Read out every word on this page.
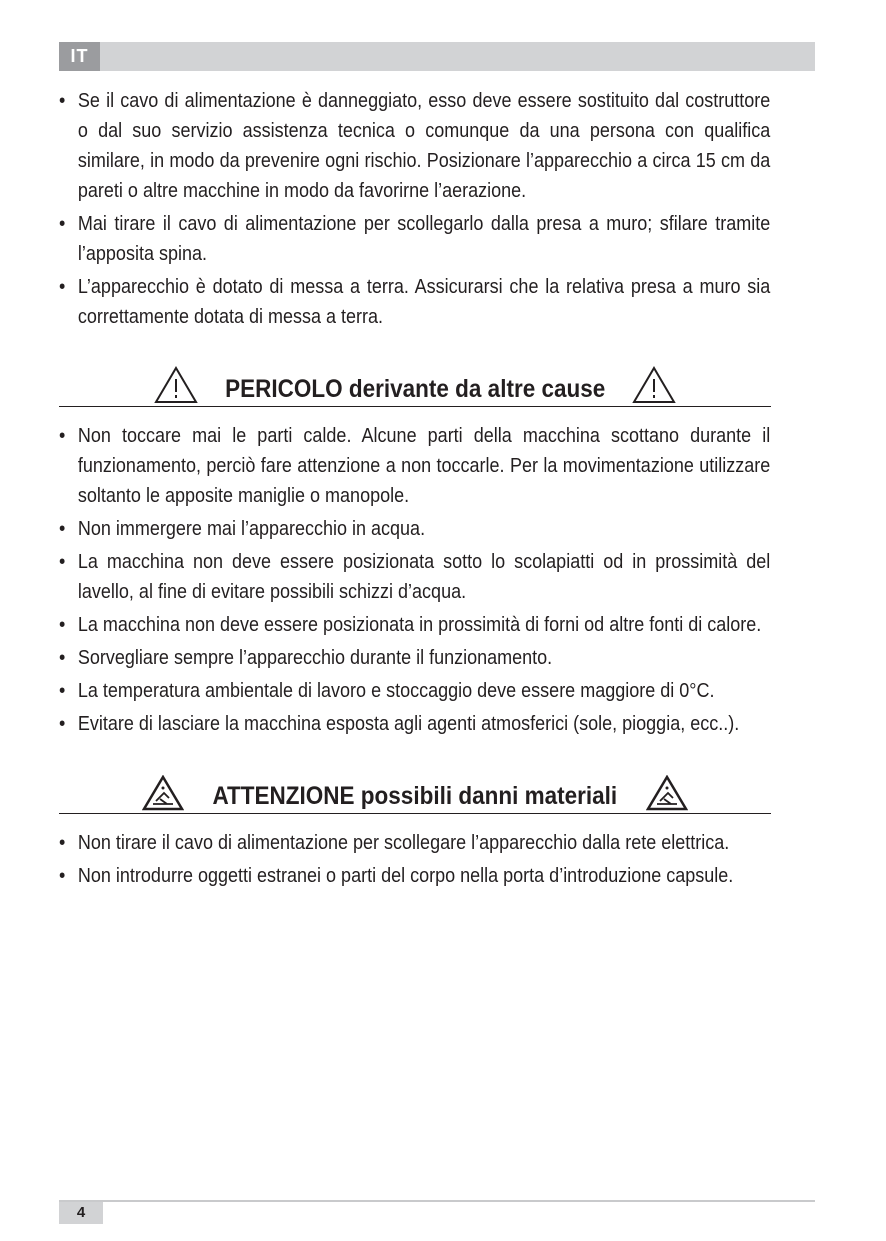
IT
• Se il cavo di alimentazione è danneggiato, esso deve essere sostituito dal costruttore o dal suo servizio assistenza tecnica o comunque da una persona con qualifica similare, in modo da prevenire ogni rischio. Posizionare l’apparecchio a circa 15 cm da pareti o altre macchine in modo da favorirne l’aerazione.
• Mai tirare il cavo di alimentazione per scollegarlo dalla presa a muro; sfilare tramite l’apposita spina.
• L’apparecchio è dotato di messa a terra. Assicurarsi che la relativa presa a muro sia correttamente dotata di messa a terra.
PERICOLO derivante da altre cause
• Non toccare mai le parti calde. Alcune parti della macchina scottano durante il funzionamento, perciò fare attenzione a non toccarle. Per la movimentazione utilizzare soltanto le apposite maniglie o manopole.
• Non immergere mai l’apparecchio in acqua.
• La macchina non deve essere posizionata sotto lo scolapiatti od in prossimità del lavello, al fine di evitare possibili schizzi d’acqua.
• La macchina non deve essere posizionata in prossimità di forni od altre fonti di calore.
• Sorvegliare sempre l’apparecchio durante il funzionamento.
• La temperatura ambientale di lavoro e stoccaggio deve essere maggiore di 0°C.
• Evitare di lasciare la macchina esposta agli agenti atmosferici (sole, pioggia, ecc..).
ATTENZIONE possibili danni materiali
• Non tirare il cavo di alimentazione per scollegare l’apparecchio dalla rete elettrica.
• Non introdurre oggetti estranei o parti del corpo nella porta d’introduzione capsule.
4
